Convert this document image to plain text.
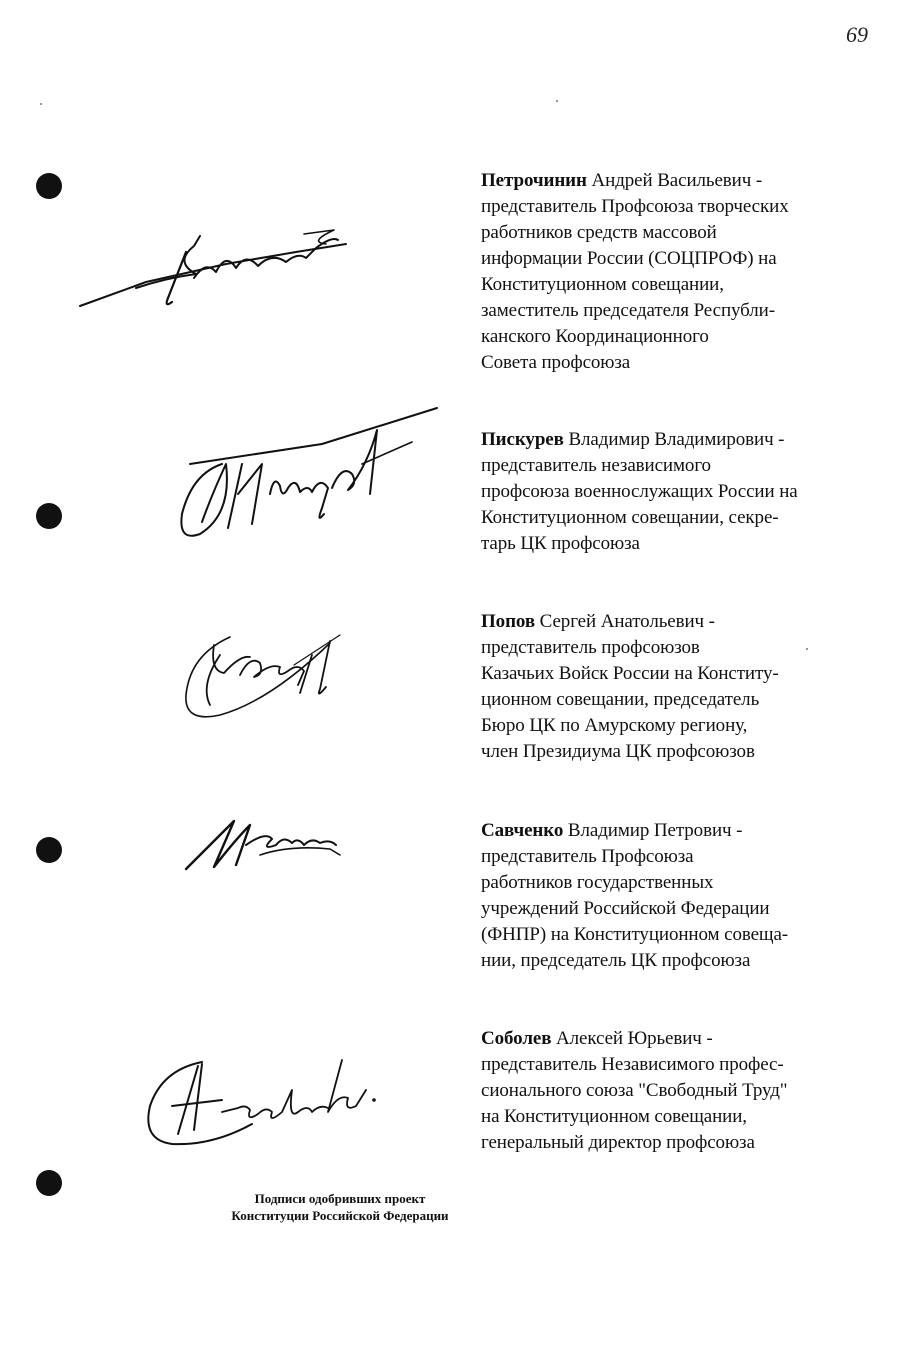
69
Петрочинин Андрей Васильевич -
представитель Профсоюза творческих
работников средств массовой
информации России (СОЦПРОФ) на
Конституционном совещании,
заместитель председателя Республи-
канского Координационного
Совета профсоюза
Пискурев Владимир Владимирович -
представитель независимого
профсоюза военнослужащих России на
Конституционном совещании, секре-
тарь ЦК профсоюза
Попов Сергей Анатольевич -
представитель профсоюзов
Казачьих Войск России на Конститу-
ционном совещании, председатель
Бюро ЦК по Амурскому региону,
член Президиума ЦК профсоюзов
Савченко Владимир Петрович -
представитель Профсоюза
работников государственных
учреждений Российской Федерации
(ФНПР) на Конституционном совеща-
нии, председатель ЦК профсоюза
Соболев Алексей Юрьевич -
представитель Независимого профес-
сионального союза "Свободный Труд"
на Конституционном совещании,
генеральный директор профсоюза
Подписи одобривших проект
Конституции Российской Федерации
